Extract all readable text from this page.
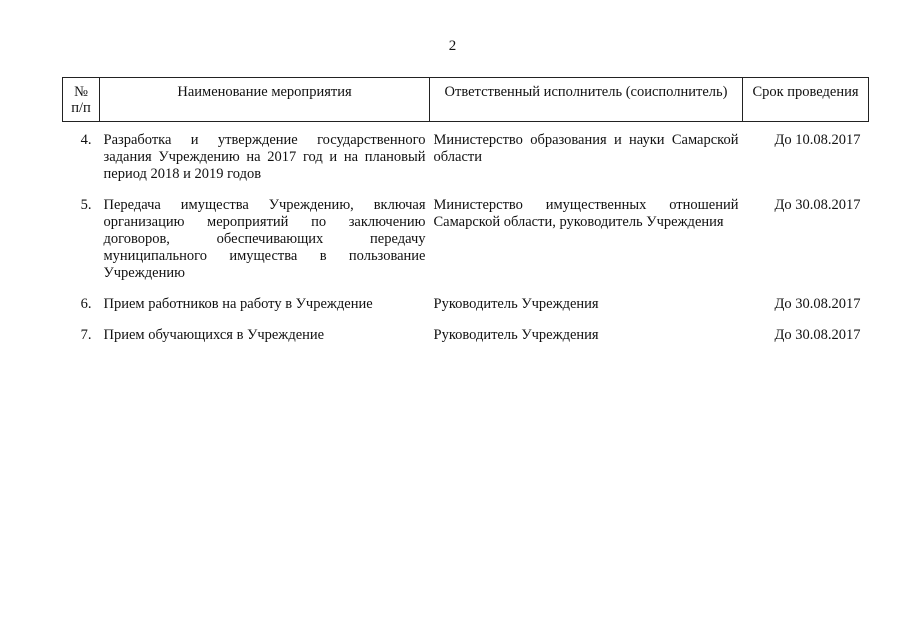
2
№ п/п	Наименование мероприятия	Ответственный исполнитель (соисполнитель)	Срок проведения
4.	Разработка и утверждение государственного задания Учреждению на 2017 год и на плановый период 2018 и 2019 годов	Министерство образования и науки Самарской области	До 10.08.2017
5.	Передача имущества Учреждению, включая организацию мероприятий по заключению договоров, обеспечивающих передачу муниципального имущества в пользование Учреждению	Министерство имущественных отношений Самарской области, руководитель Учреждения	До 30.08.2017
6.	Прием работников на работу в Учреждение	Руководитель Учреждения	До 30.08.2017
7.	Прием обучающихся в Учреждение	Руководитель Учреждения	До 30.08.2017
